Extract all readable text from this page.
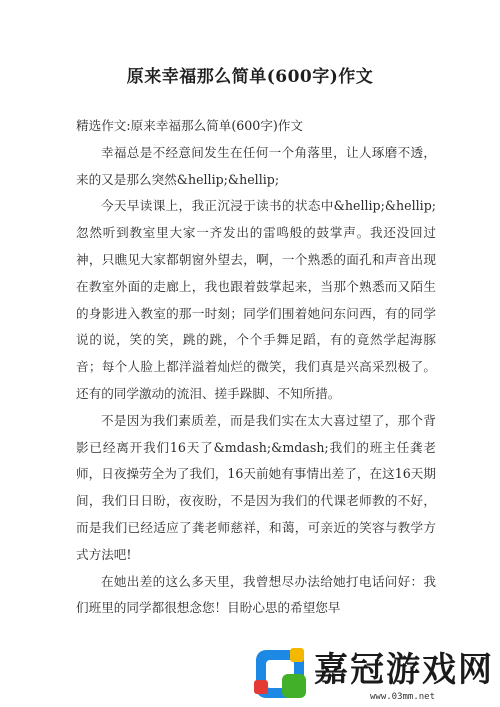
原来幸福那么简单(600字)作文

精选作文:原来幸福那么简单(600字)作文

幸福总是不经意间发生在任何一个角落里，让人琢磨不透，来的又是那么突然&hellip;&hellip;

今天早读课上，我正沉浸于读书的状态中&hellip;&hellip;忽然听到教室里大家一齐发出的雷鸣般的鼓掌声。我还没回过神，只瞧见大家都朝窗外望去，啊，一个熟悉的面孔和声音出现在教室外面的走廊上，我也跟着鼓掌起来，当那个熟悉而又陌生的身影进入教室的那一时刻；同学们围着她问东问西，有的同学说的说，笑的笑，跳的跳，个个手舞足蹈，有的竟然学起海豚音；每个人脸上都洋溢着灿烂的微笑，我们真是兴高采烈极了。还有的同学激动的流泪、搓手跺脚、不知所措。

不是因为我们素质差，而是我们实在太大喜过望了，那个背影已经离开我们16天了&mdash;&mdash;我们的班主任龚老师，日夜操劳全为了我们，16天前她有事情出差了，在这16天期间，我们日日盼，夜夜盼，不是因为我们的代课老师教的不好，而是我们已经适应了龚老师慈祥，和蔼，可亲近的笑容与教学方式方法吧!

在她出差的这么多天里，我曾想尽办法给她打电话问好：我们班里的同学都很想念您！目盼心思的希望您早

嘉冠游戏网
www.03mm.net
